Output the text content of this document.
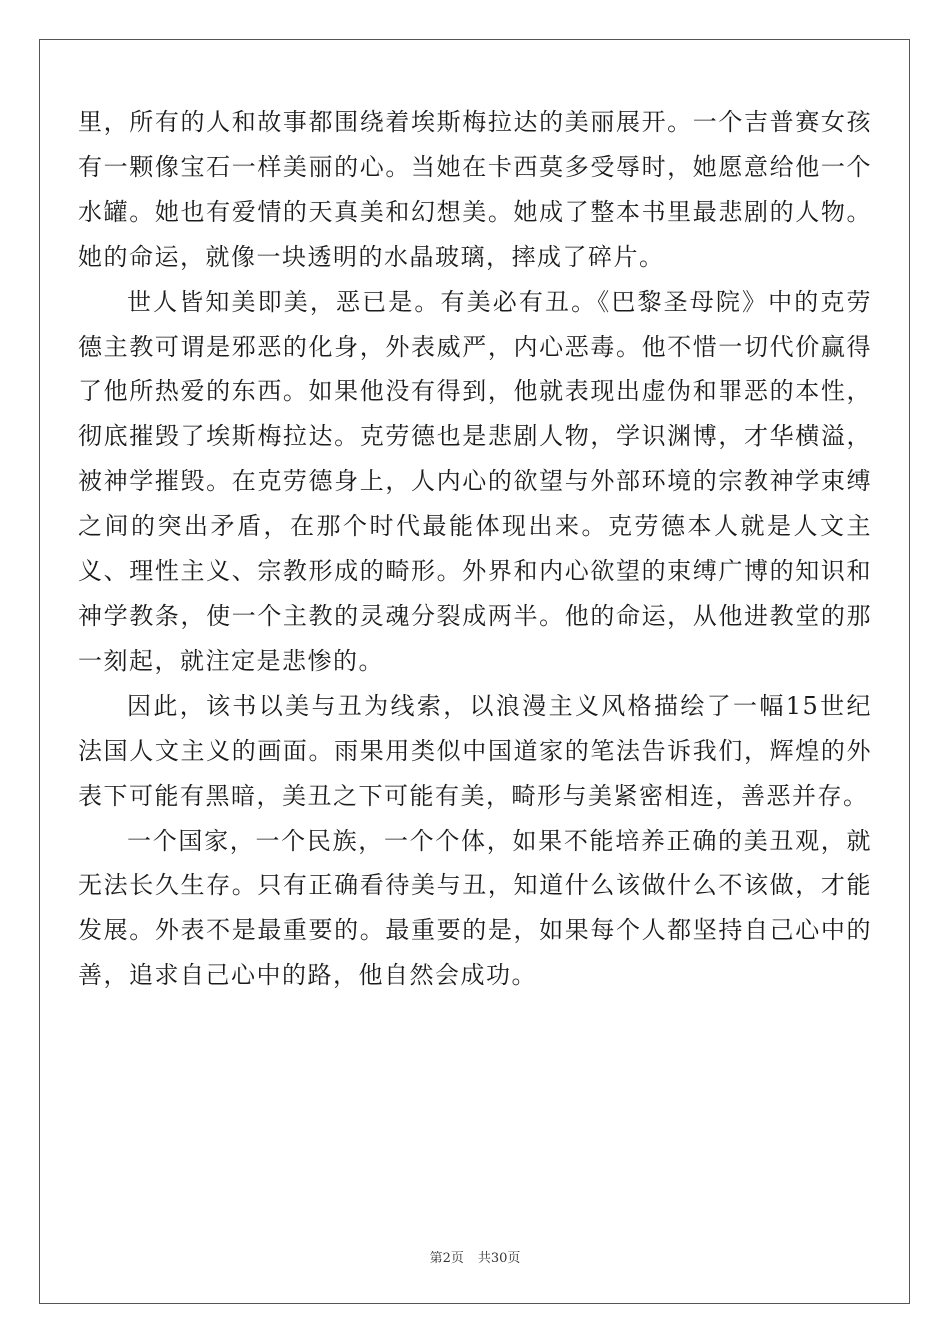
里，所有的人和故事都围绕着埃斯梅拉达的美丽展开。一个吉普赛女孩有一颗像宝石一样美丽的心。当她在卡西莫多受辱时，她愿意给他一个水罐。她也有爱情的天真美和幻想美。她成了整本书里最悲剧的人物。她的命运，就像一块透明的水晶玻璃，摔成了碎片。

世人皆知美即美，恶已是。有美必有丑。《巴黎圣母院》中的克劳德主教可谓是邪恶的化身，外表威严，内心恶毒。他不惜一切代价赢得了他所热爱的东西。如果他没有得到，他就表现出虚伪和罪恶的本性，彻底摧毁了埃斯梅拉达。克劳德也是悲剧人物，学识渊博，才华横溢，被神学摧毁。在克劳德身上，人内心的欲望与外部环境的宗教神学束缚之间的突出矛盾，在那个时代最能体现出来。克劳德本人就是人文主义、理性主义、宗教形成的畸形。外界和内心欲望的束缚广博的知识和神学教条，使一个主教的灵魂分裂成两半。他的命运，从他进教堂的那一刻起，就注定是悲惨的。

因此，该书以美与丑为线索，以浪漫主义风格描绘了一幅15世纪法国人文主义的画面。雨果用类似中国道家的笔法告诉我们，辉煌的外表下可能有黑暗，美丑之下可能有美，畸形与美紧密相连，善恶并存。

一个国家，一个民族，一个个体，如果不能培养正确的美丑观，就无法长久生存。只有正确看待美与丑，知道什么该做什么不该做，才能发展。外表不是最重要的。最重要的是，如果每个人都坚持自己心中的善，追求自己心中的路，他自然会成功。

第2页 共30页
